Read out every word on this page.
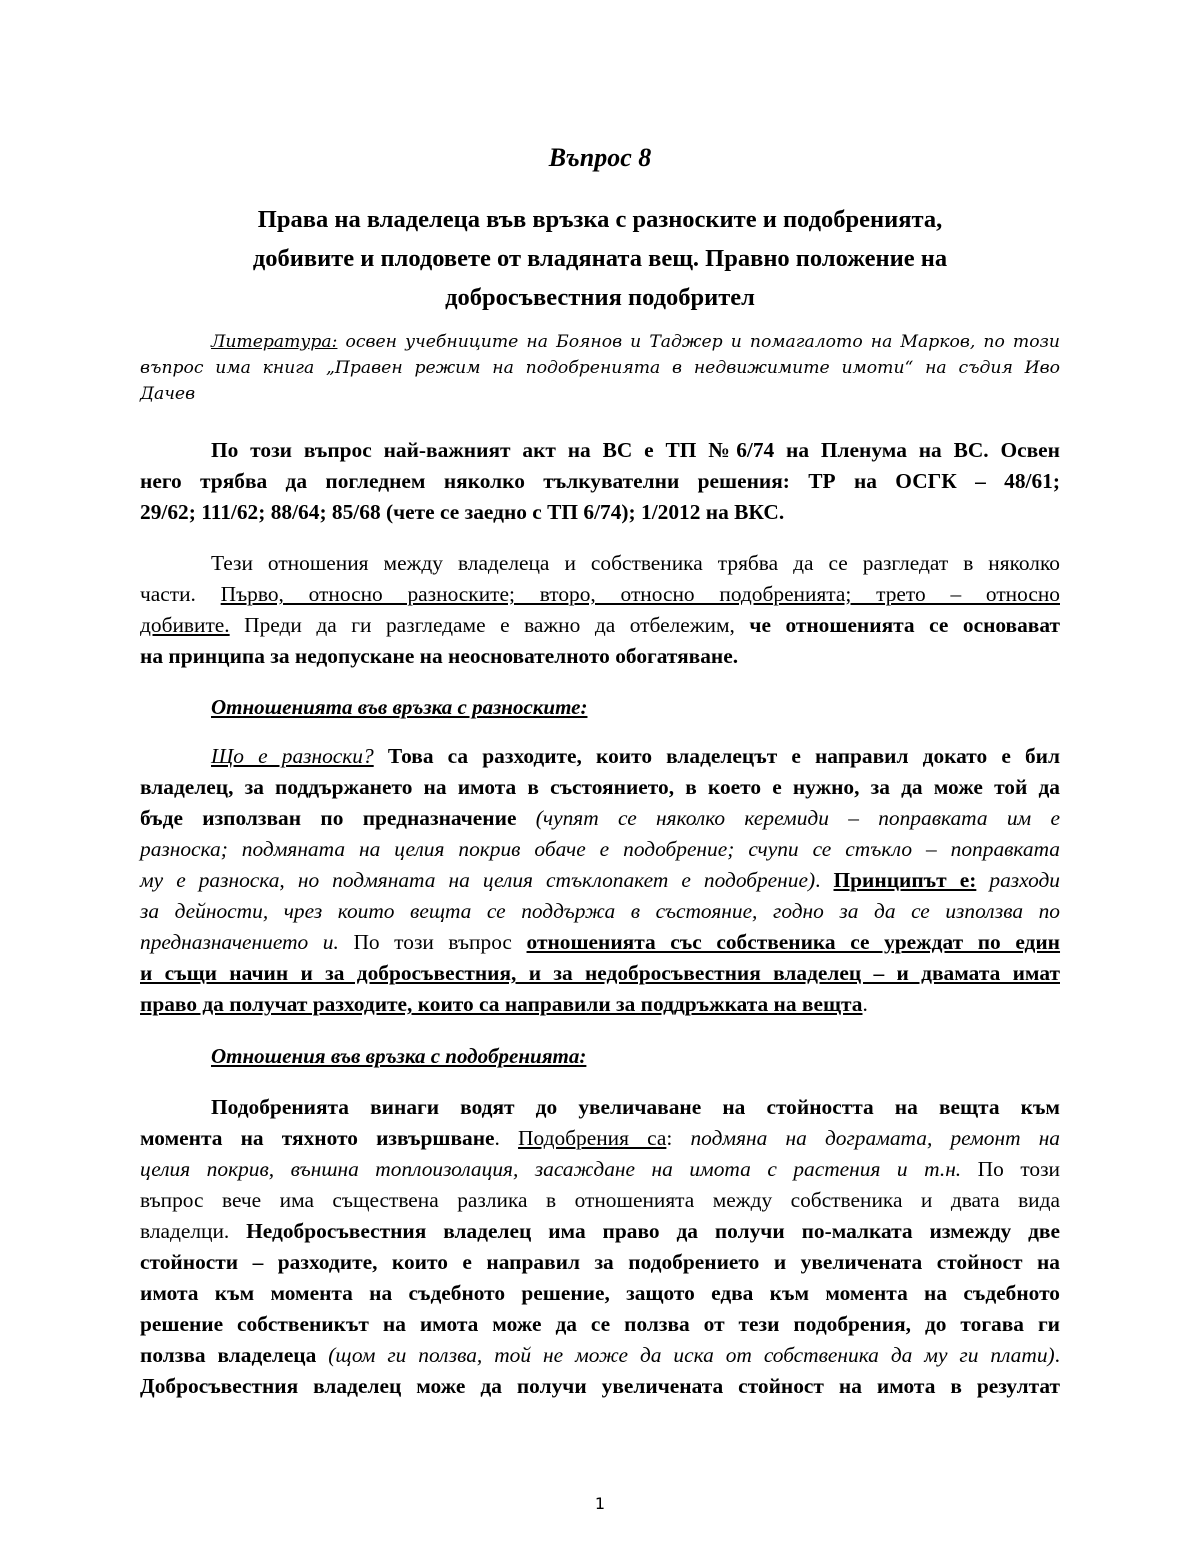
Въпрос 8
Права на владелеца във връзка с разноските и подобренията,
добивите и плодовете от владяната вещ. Правно положение на
добросъвестния подобрител
Литература: освен учебниците на Боянов и Таджер и помагалото на Марков, по този
въпрос има книга „Правен режим на подобренията в недвижимите имоти“ на съдия Иво
Дачев
По този въпрос най-важният акт на ВС е ТП №6/74 на Пленума на ВС. Освен
него трябва да погледнем няколко тълкувателни решения: ТР на ОСГК – 48/61;
29/62; 111/62; 88/64; 85/68 (чете се заедно с ТП 6/74); 1/2012 на ВКС.
Тези отношения между владелеца и собственика трябва да се разгледат в няколко
части. Първо, относно разноските; второ, относно подобренията; трето – относно
добивите. Преди да ги разгледаме е важно да отбележим, че отношенията се основават
на принципа за недопускане на неоснователното обогатяване.
Отношенията във връзка с разноските:
Що е разноски? Това са разходите, които владелецът е направил докато е бил
владелец, за поддържането на имота в състоянието, в което е нужно, за да може той да
бъде използван по предназначение (чупят се няколко керемиди – поправката им е
разноска; подмяната на целия покрив обаче е подобрение; счупи се стъкло – поправката
му е разноска, но подмяната на целия стъклопакет е подобрение). Принципът е: разходи
за дейности, чрез които вещта се поддържа в състояние, годно за да се използва по
предназначението и. По този въпрос отношенията със собственика се уреждат по един
и същи начин и за добросъвестния, и за недобросъвестния владелец – и двамата имат
право да получат разходите, които са направили за поддръжката на вещта.
Отношения във връзка с подобренията:
Подобренията винаги водят до увеличаване на стойността на вещта към
момента на тяхното извършване. Подобрения са: подмяна на дограмата, ремонт на
целия покрив, външна топлоизолация, засаждане на имота с растения и т.н. По този
въпрос вече има съществена разлика в отношенията между собственика и двата вида
владелци. Недобросъвестния владелец има право да получи по-малката измежду две
стойности – разходите, които е направил за подобрението и увеличената стойност на
имота към момента на съдебното решение, защото едва към момента на съдебното
решение собственикът на имота може да се ползва от тези подобрения, до тогава ги
ползва владелеца (щом ги ползва, той не може да иска от собственика да му ги плати).
Добросъвестния владелец може да получи увеличената стойност на имота в резултат
1
